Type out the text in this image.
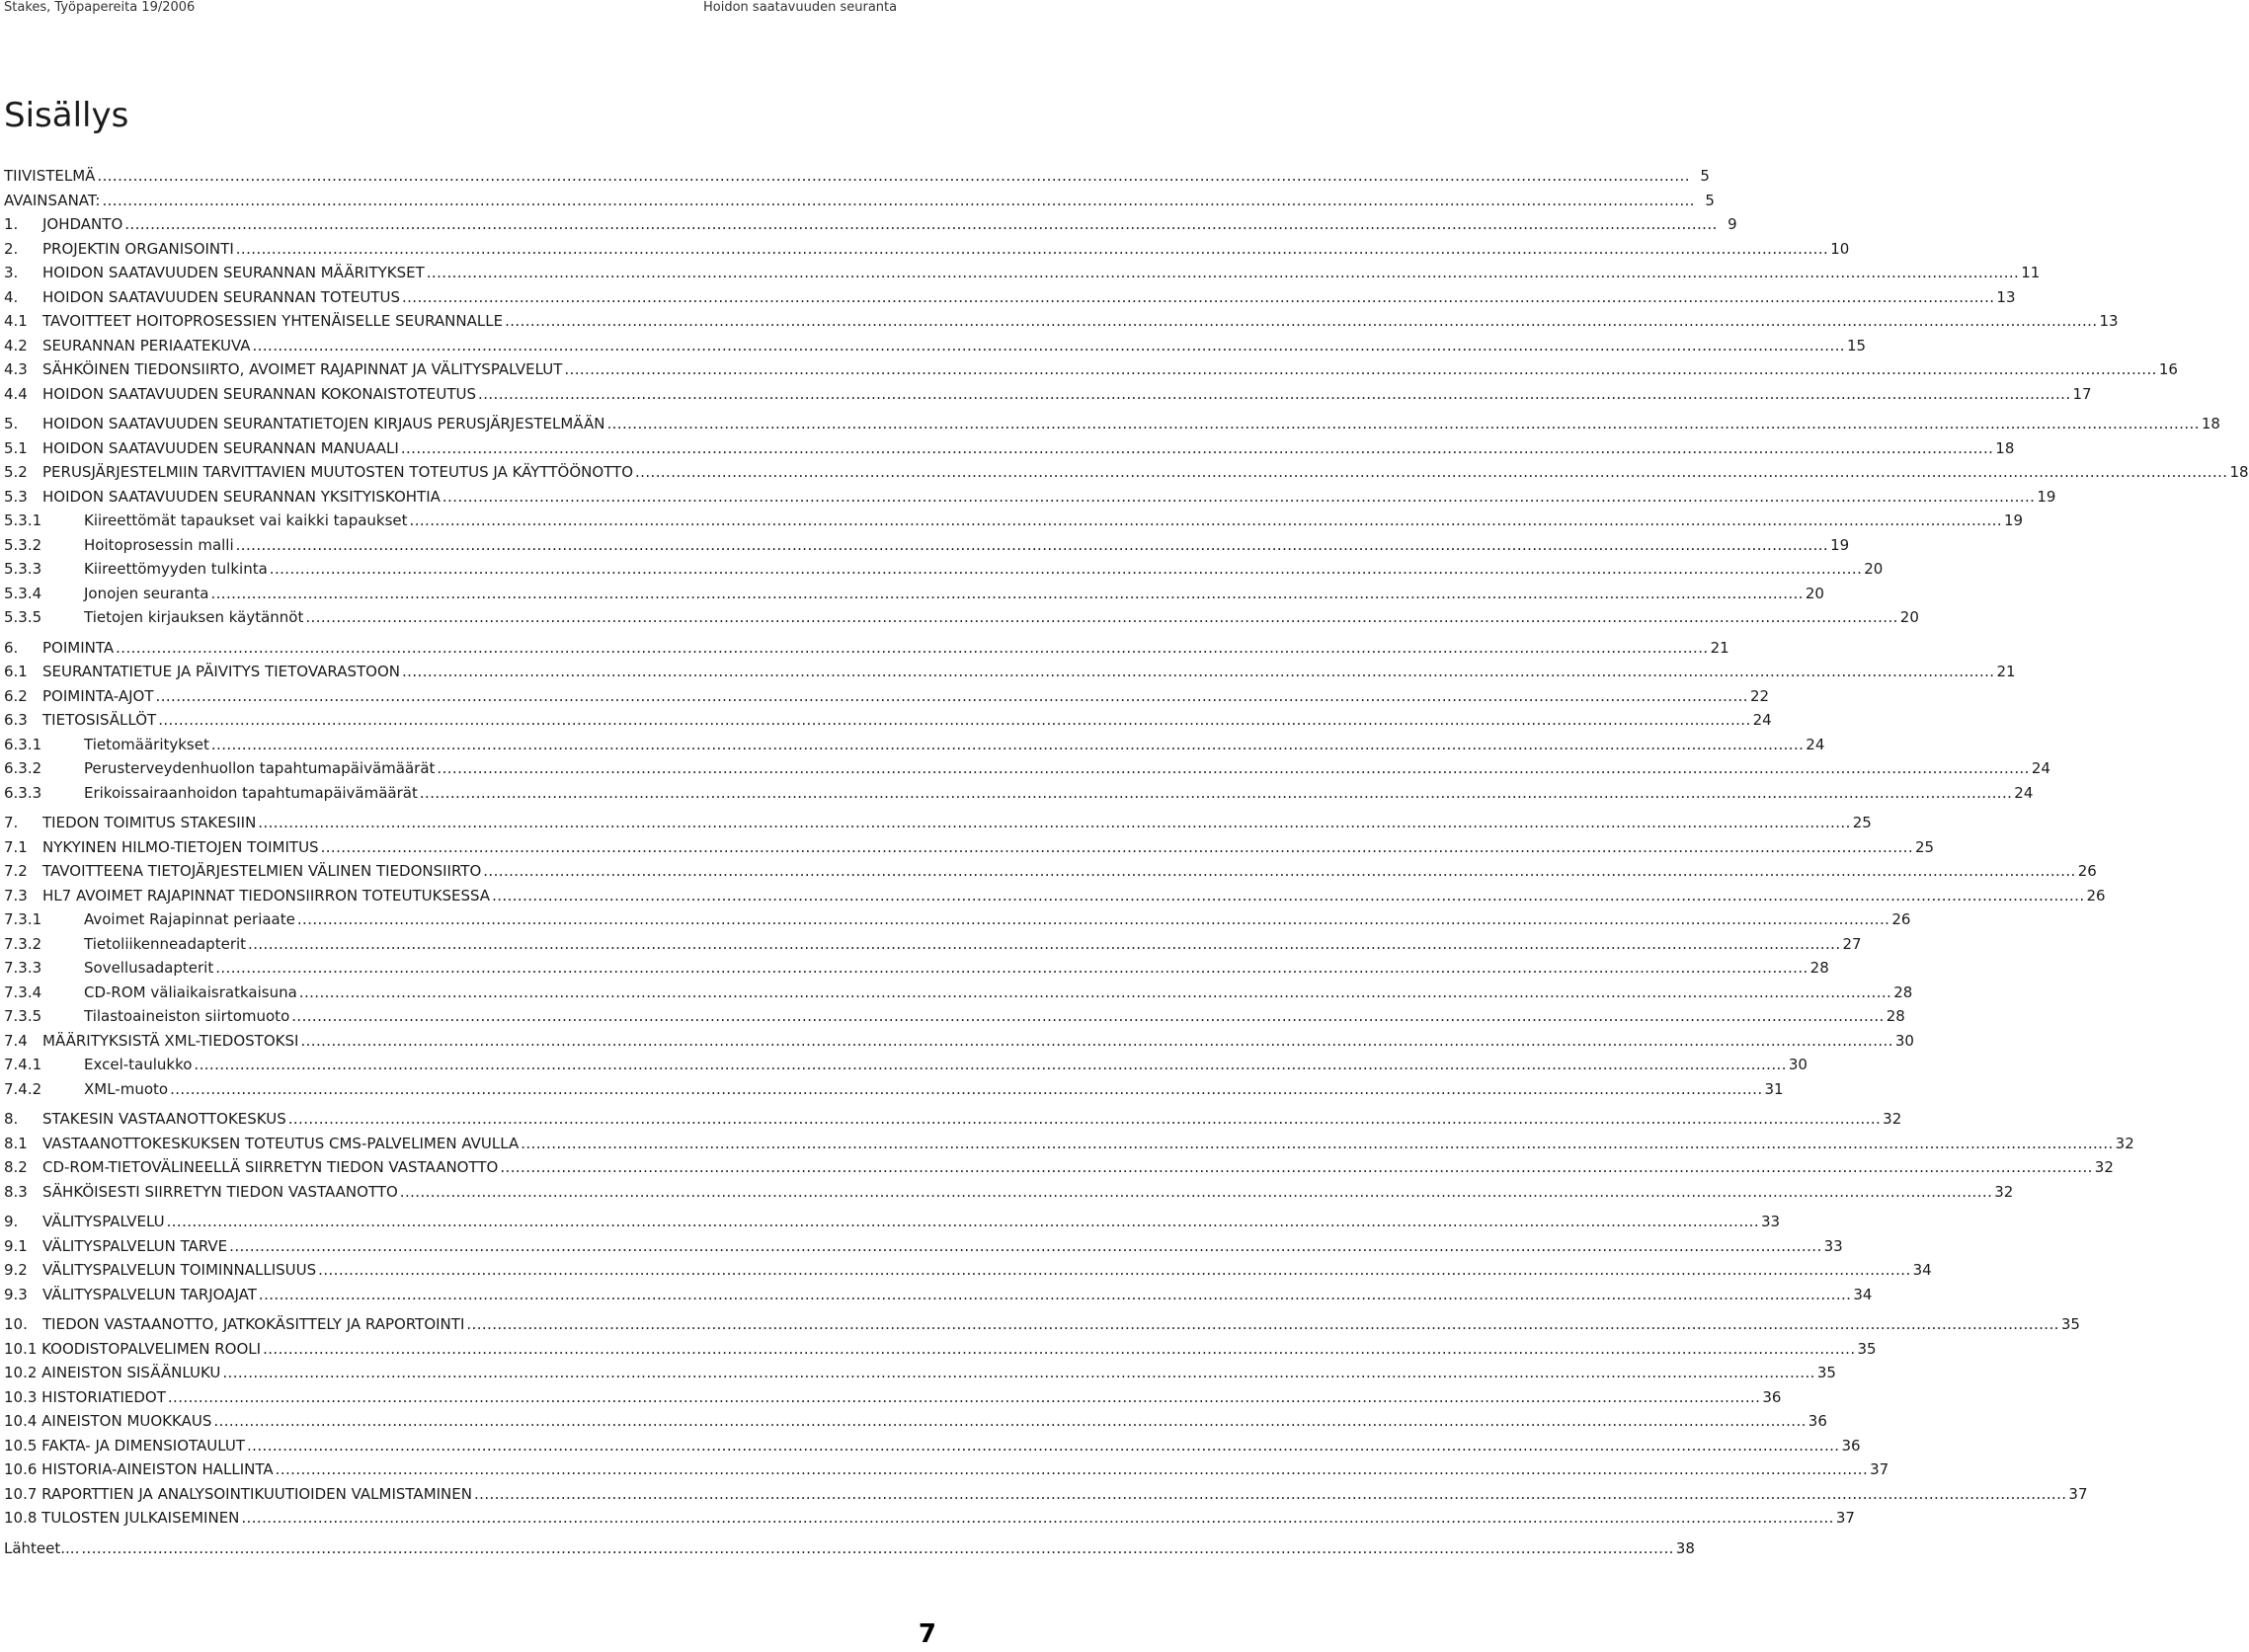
Stakes, Työpapereita 19/2006	Hoidon saatavuuden seuranta
Sisällys
TIIVISTELMÄ .....	5
AVAINSANAT: .....	5
1.	JOHDANTO .....	9
2.	PROJEKTIN ORGANISOINTI .....	10
3.	HOIDON SAATAVUUDEN SEURANNAN MÄÄRITYKSET .....	11
4.	HOIDON SAATAVUUDEN SEURANNAN TOTEUTUS .....	13
4.1	TAVOITTEET HOITOPROSESSIEN YHTENÄISELLE SEURANNALLE .....	13
4.2	SEURANNAN PERIAATEKUVA .....	15
4.3	SÄHKÖINEN TIEDONSIIRTO, AVOIMET RAJAPINNAT JA VÄLITYSPALVELUT .....	16
4.4	HOIDON SAATAVUUDEN SEURANNAN KOKONAISTOTEUTUS .....	17
5.	HOIDON SAATAVUUDEN SEURANTATIETOJEN KIRJAUS PERUSJÄRJESTELMÄÄN .....	18
5.1	HOIDON SAATAVUUDEN SEURANNAN MANUAALI .....	18
5.2	PERUSJÄRJESTELMIIN TARVITTAVIEN MUUTOSTEN TOTEUTUS JA KÄYTTÖÖNOTTO .....	18
5.3	HOIDON SAATAVUUDEN SEURANNAN YKSITYISKOHTIA .....	19
5.3.1	Kiireettömät tapaukset vai kaikki tapaukset .....	19
5.3.2	Hoitoprosessin malli .....	19
5.3.3	Kiireettömyyden tulkinta .....	20
5.3.4	Jonojen seuranta .....	20
5.3.5	Tietojen kirjauksen käytännöt .....	20
6.	POIMINTA .....	21
6.1	SEURANTATIETUE JA PÄIVITYS TIETOVARASTOON .....	21
6.2	POIMINTA-AJOT .....	22
6.3	TIETOSISÄLLÖT .....	24
6.3.1	Tietomääritykset .....	24
6.3.2	Perusterveydenhuollon tapahtumapäivämäärät .....	24
6.3.3	Erikoissairaanhoidon tapahtumapäivämäärät .....	24
7.	TIEDON TOIMITUS STAKESIIN .....	25
7.1	NYKYINEN HILMO-TIETOJEN TOIMITUS .....	25
7.2	TAVOITTEENA TIETOJÄRJESTELMIEN VÄLINEN TIEDONSIIRTO .....	26
7.3	HL7 AVOIMET RAJAPINNAT TIEDONSIIRRON TOTEUTUKSESSA .....	26
7.3.1	Avoimet Rajapinnat periaate .....	26
7.3.2	Tietoliikenneadapterit .....	27
7.3.3	Sovellusadapterit .....	28
7.3.4	CD-ROM väliaikaisratkaisuna .....	28
7.3.5	Tilastoaineiston siirtomuoto .....	28
7.4	MÄÄRITYKSISTÄ XML-TIEDOSTOKSI .....	30
7.4.1	Excel-taulukko .....	30
7.4.2	XML-muoto .....	31
8.	STAKESIN VASTAANOTTOKESKUS .....	32
8.1	VASTAANOTTOKESKUKSEN TOTEUTUS CMS-PALVELIMEN AVULLA .....	32
8.2	CD-ROM-TIETOVÄLINEELLÄ SIIRRETYN TIEDON VASTAANOTTO .....	32
8.3	SÄHKÖISESTI SIIRRETYN TIEDON VASTAANOTTO .....	32
9.	VÄLITYSPALVELU .....	33
9.1	VÄLITYSPALVELUN TARVE .....	33
9.2	VÄLITYSPALVELUN TOIMINNALLISUUS .....	34
9.3	VÄLITYSPALVELUN TARJOAJAT .....	34
10.	TIEDON VASTAANOTTO, JATKOKÄSITTELY JA RAPORTOINTI .....	35
10.1 KOODISTOPALVELIMEN ROOLI .....	35
10.2 AINEISTON SISÄÄNLUKU .....	35
10.3 HISTORIATIEDOT .....	36
10.4 AINEISTON MUOKKAUS .....	36
10.5 FAKTA- JA DIMENSIOTAULUT .....	36
10.6 HISTORIA-AINEISTON HALLINTA .....	37
10.7 RAPORTTIEN JA ANALYSOINTIKUUTIOIDEN VALMISTAMINEN .....	37
10.8 TULOSTEN JULKAISEMINEN .....	37
Lähteet.... .....	38
7
